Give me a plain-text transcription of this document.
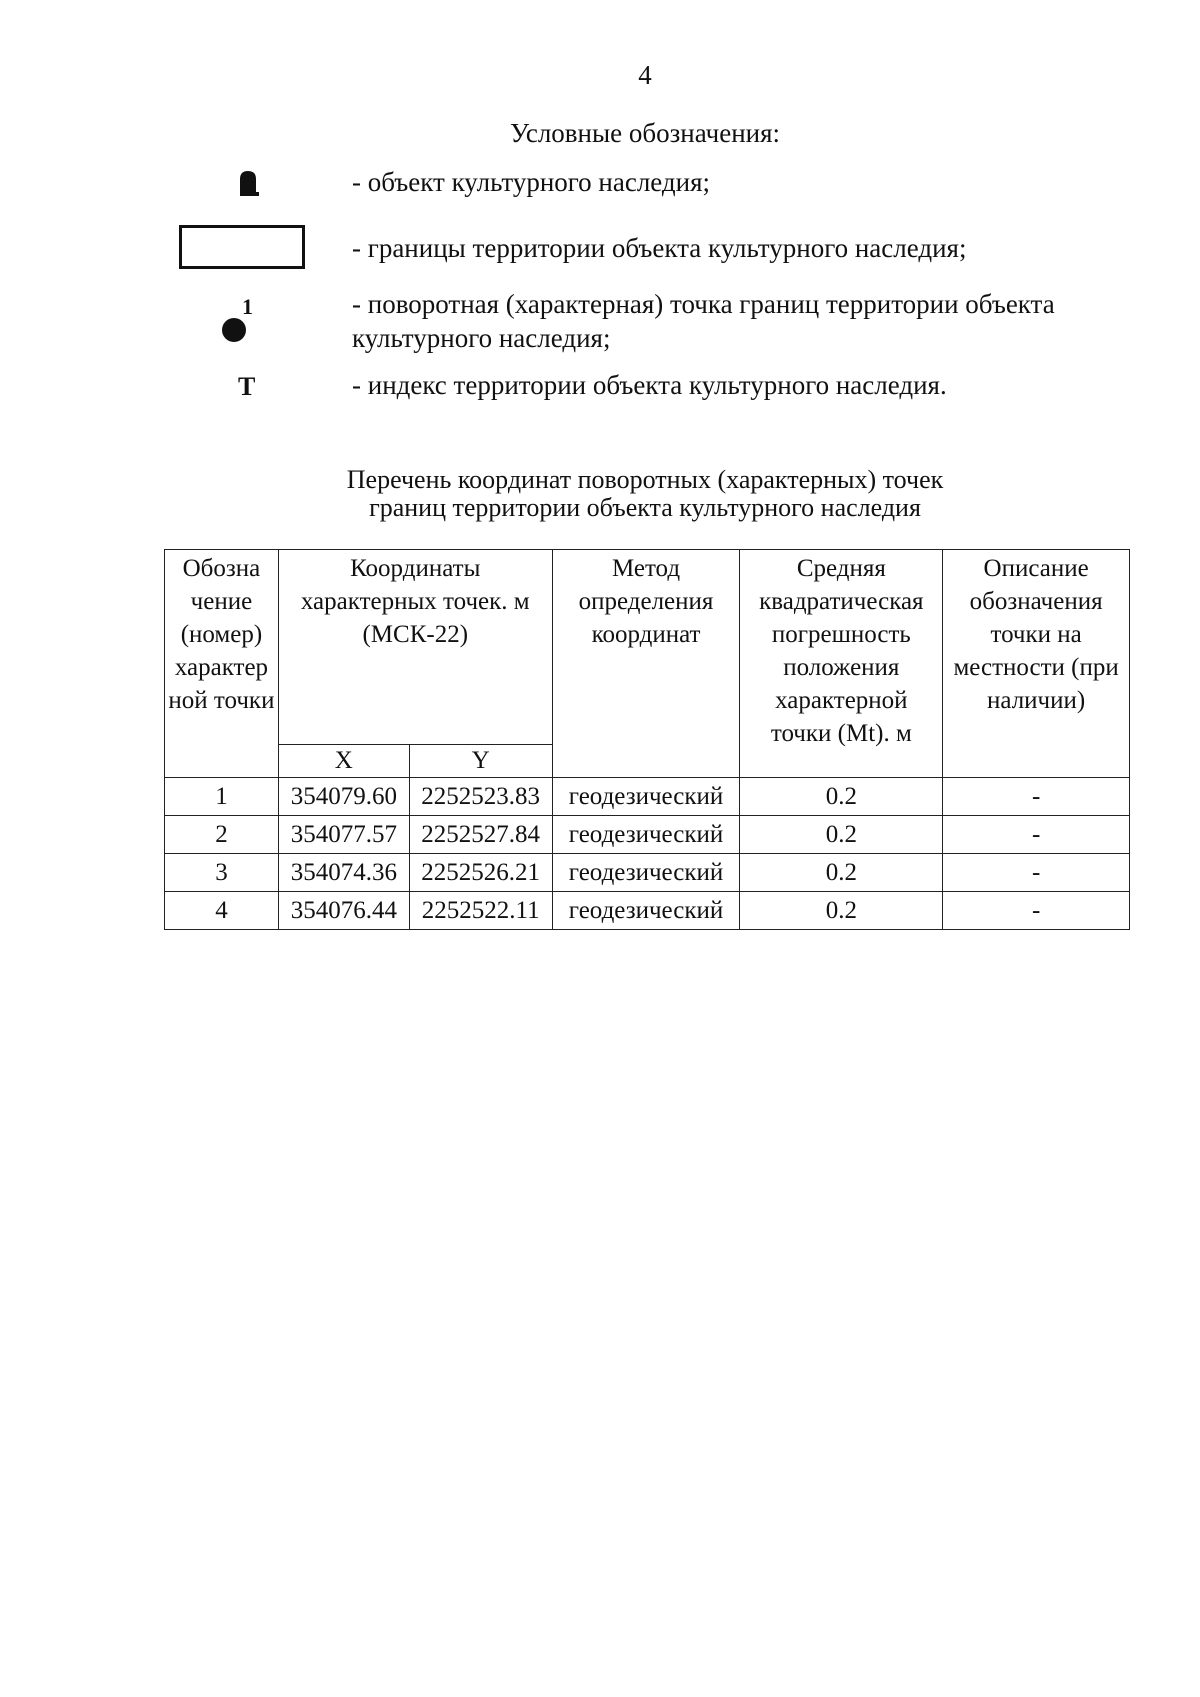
4
Условные обозначения:
- объект культурного наследия;
- границы территории объекта культурного наследия;
1	- поворотная (характерная) точка границ территории объекта культурного наследия;
Т	- индекс территории объекта культурного наследия.
Перечень координат поворотных (характерных) точек
границ территории объекта культурного наследия
Обозна чение (номер) характер ной точки	Координаты характерных точек. м (МСК-22)		Метод определения координат	Средняя квадратическая погрешность положения характерной точки (Mt). м	Описание обозначения точки на местности (при наличии)
	X	Y			
1	354079.60	2252523.83	геодезический	0.2	-
2	354077.57	2252527.84	геодезический	0.2	-
3	354074.36	2252526.21	геодезический	0.2	-
4	354076.44	2252522.11	геодезический	0.2	-
